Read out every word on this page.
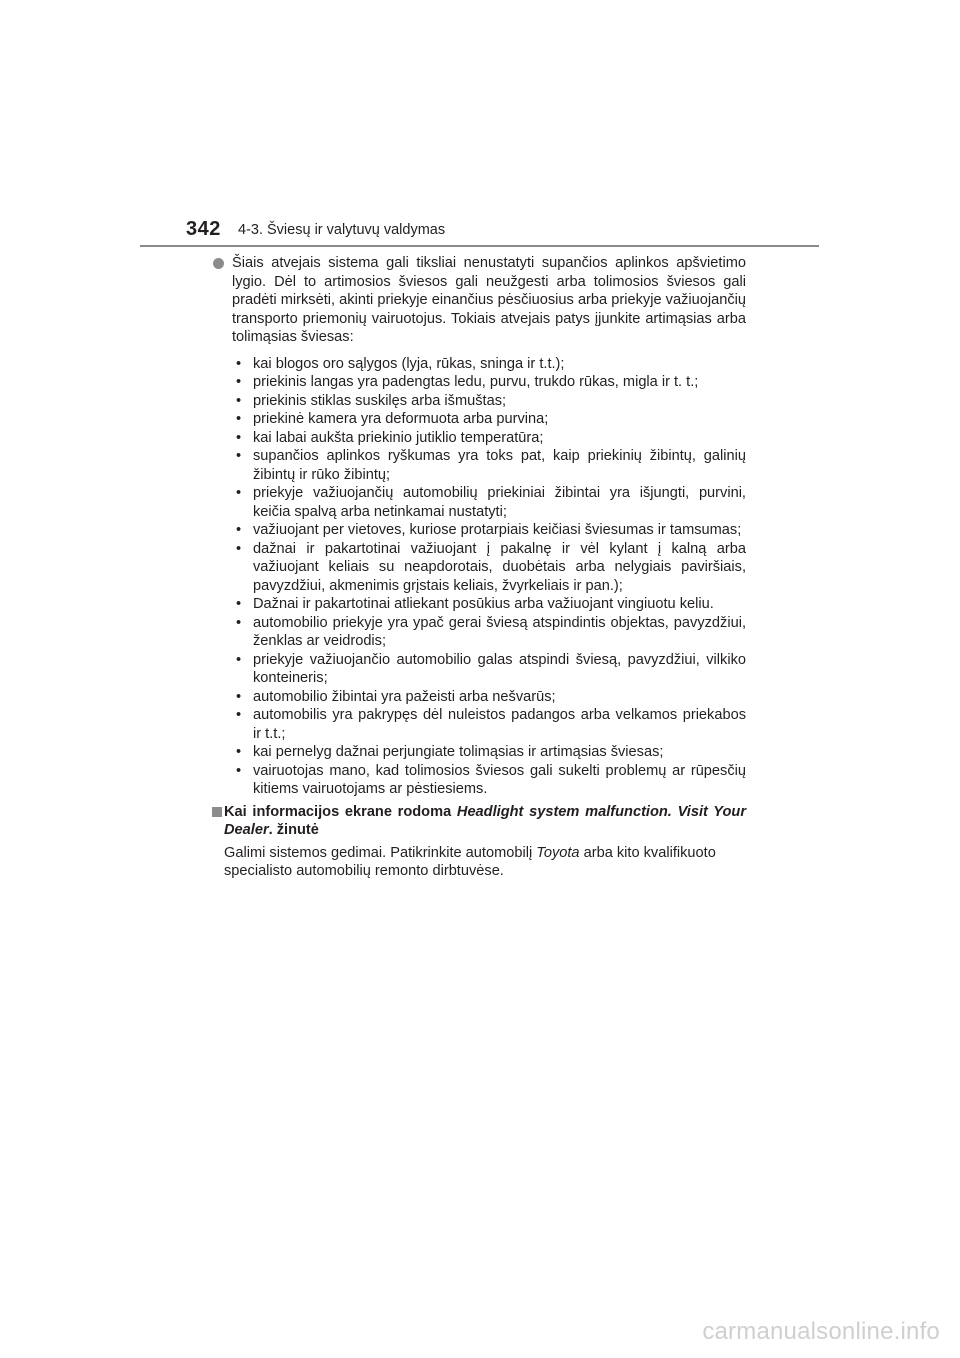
342 4-3. Šviesų ir valytuvų valdymas
Šiais atvejais sistema gali tiksliai nenustatyti supančios aplinkos apšvietimo lygio. Dėl to artimosios šviesos gali neužgesti arba tolimosios šviesos gali pradėti mirksėti, akinti priekyje einančius pėsčiuosius arba priekyje važiuojančių transporto priemonių vairuotojus. Tokiais atvejais patys įjunkite artimąsias arba tolimąsias šviesas:
• kai blogos oro sąlygos (lyja, rūkas, sninga ir t.t.);
• priekinis langas yra padengtas ledu, purvu, trukdo rūkas, migla ir t. t.;
• priekinis stiklas suskilęs arba išmuštas;
• priekinė kamera yra deformuota arba purvina;
• kai labai aukšta priekinio jutiklio temperatūra;
• supančios aplinkos ryškumas yra toks pat, kaip priekinių žibintų, galinių žibintų ir rūko žibintų;
• priekyje važiuojančių automobilių priekiniai žibintai yra išjungti, purvini, keičia spalvą arba netinkamai nustatyti;
• važiuojant per vietoves, kuriose protarpiais keičiasi šviesumas ir tamsumas;
• dažnai ir pakartotinai važiuojant į pakalnę ir vėl kylant į kalną arba važiuojant keliais su neapdorotais, duobėtais arba nelygiais paviršiais, pavyzdžiui, akmenimis grįstais keliais, žvyrkeliais ir pan.);
• Dažnai ir pakartotinai atliekant posūkius arba važiuojant vingiuotu keliu.
• automobilio priekyje yra ypač gerai šviesą atspindintis objektas, pavyzdžiui, ženklas ar veidrodis;
• priekyje važiuojančio automobilio galas atspindi šviesą, pavyzdžiui, vilkiko konteineris;
• automobilio žibintai yra pažeisti arba nešvarūs;
• automobilis yra pakrypęs dėl nuleistos padangos arba velkamos priekabos ir t.t.;
• kai pernelyg dažnai perjungiate tolimąsias ir artimąsias šviesas;
• vairuotojas mano, kad tolimosios šviesos gali sukelti problemų ar rūpesčių kitiems vairuotojams ar pėstiesiems.
Kai informacijos ekrane rodoma Headlight system malfunction. Visit Your Dealer. žinutė
Galimi sistemos gedimai. Patikrinkite automobilį Toyota arba kito kvalifikuoto specialisto automobilių remonto dirbtuvėse.
carmanualsonline.info
